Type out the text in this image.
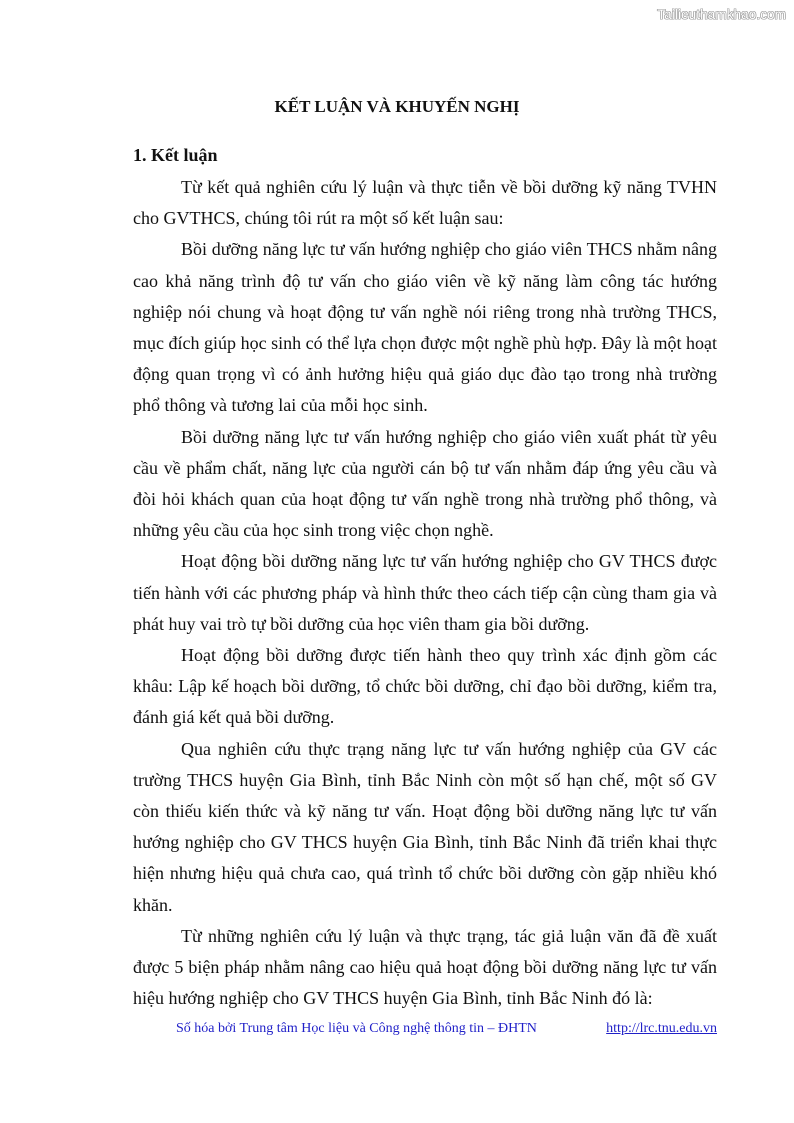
Tailieuthamkhao.com
KẾT LUẬN VÀ KHUYẾN NGHỊ
1. Kết luận

Từ kết quả nghiên cứu lý luận và thực tiễn về bồi dưỡng kỹ năng TVHN cho GVTHCS, chúng tôi rút ra một số kết luận sau:

Bồi dưỡng năng lực tư vấn hướng nghiệp cho giáo viên THCS nhằm nâng cao khả năng trình độ tư vấn cho giáo viên về kỹ năng làm công tác hướng nghiệp nói chung và hoạt động tư vấn nghề nói riêng trong nhà trường THCS, mục đích giúp học sinh có thể lựa chọn được một nghề phù hợp. Đây là một hoạt động quan trọng vì có ảnh hưởng hiệu quả giáo dục đào tạo trong nhà trường phổ thông và tương lai của mỗi học sinh.

Bồi dưỡng năng lực tư vấn hướng nghiệp cho giáo viên xuất phát từ yêu cầu về phẩm chất, năng lực của người cán bộ tư vấn nhằm đáp ứng yêu cầu và đòi hỏi khách quan của hoạt động tư vấn nghề trong nhà trường phổ thông, và những yêu cầu của học sinh trong việc chọn nghề.

Hoạt động bồi dưỡng năng lực tư vấn hướng nghiệp cho GV THCS được tiến hành với các phương pháp và hình thức theo cách tiếp cận cùng tham gia và phát huy vai trò tự bồi dưỡng của học viên tham gia bồi dưỡng.

Hoạt động bồi dưỡng được tiến hành theo quy trình xác định gồm các khâu: Lập kế hoạch bồi dưỡng, tổ chức bồi dưỡng, chỉ đạo bồi dưỡng, kiểm tra, đánh giá kết quả bồi dưỡng.

Qua nghiên cứu thực trạng năng lực tư vấn hướng nghiệp của GV các trường THCS huyện Gia Bình, tỉnh Bắc Ninh còn một số hạn chế, một số GV còn thiếu kiến thức và kỹ năng tư vấn. Hoạt động bồi dưỡng năng lực tư vấn hướng nghiệp cho GV THCS huyện Gia Bình, tỉnh Bắc Ninh đã triển khai thực hiện nhưng hiệu quả chưa cao, quá trình tổ chức bồi dưỡng còn gặp nhiều khó khăn.

Từ những nghiên cứu lý luận và thực trạng, tác giả luận văn đã đề xuất được 5 biện pháp nhằm nâng cao hiệu quả hoạt động bồi dưỡng năng lực tư vấn hiệu hướng nghiệp cho GV THCS huyện Gia Bình, tỉnh Bắc Ninh đó là:

Số hóa bởi Trung tâm Học liệu và Công nghệ thông tin – ĐHTN	http://lrc.tnu.edu.vn
